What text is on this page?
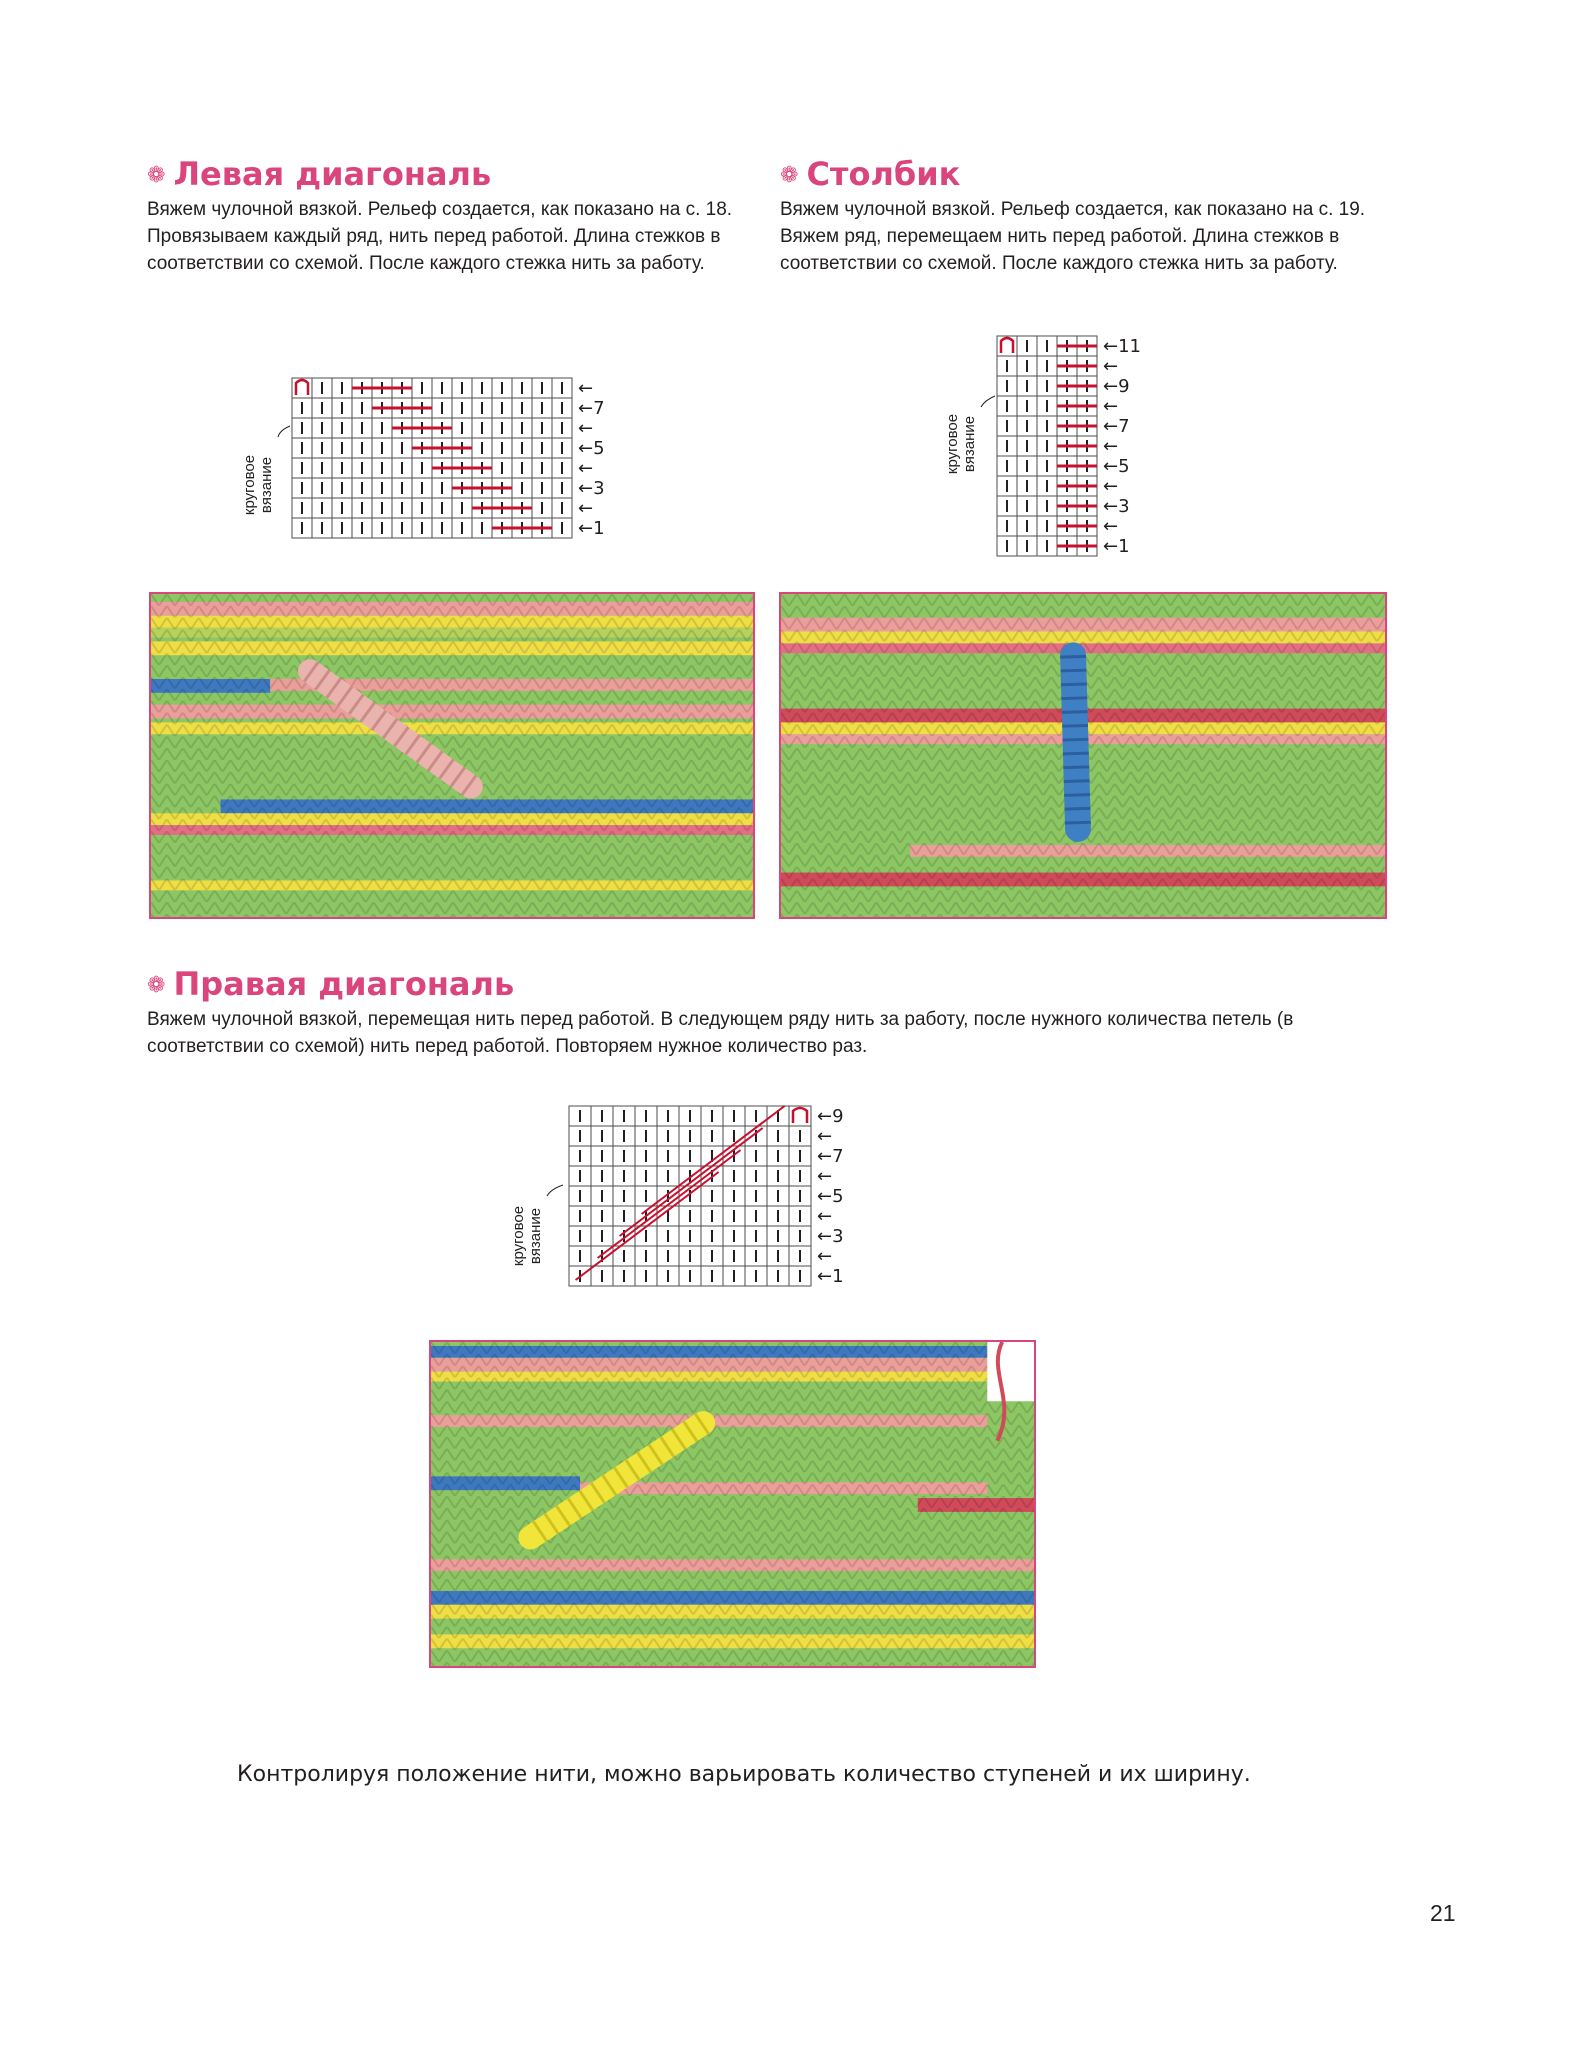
❁ Левая диагональ

Вяжем чулочной вязкой. Рельеф создается, как показано на с. 18. Провязываем каждый ряд, нить перед работой. Длина стежков в соответствии со схемой. После каждого стежка нить за работу.

❁ Столбик

Вяжем чулочной вязкой. Рельеф создается, как показано на с. 19. Вяжем ряд, перемещаем нить перед работой. Длина стежков в соответствии со схемой. После каждого стежка нить за работу.

круговое вязание
←
←7
←
←5
←
←3
←
←1
круговое вязание
←11
←
←9
←
←7
←
←5
←
←3
←
←1
❁ Правая диагональ

Вяжем чулочной вязкой, перемещая нить перед работой. В следующем ряду нить за работу, после нужного количества петель (в соответствии со схемой) нить перед работой. Повторяем нужное количество раз.

круговое вязание
←9
←
←7
←
←5
←
←3
←
←1

Контролируя положение нити, можно варьировать количество ступеней и их ширину.

21
